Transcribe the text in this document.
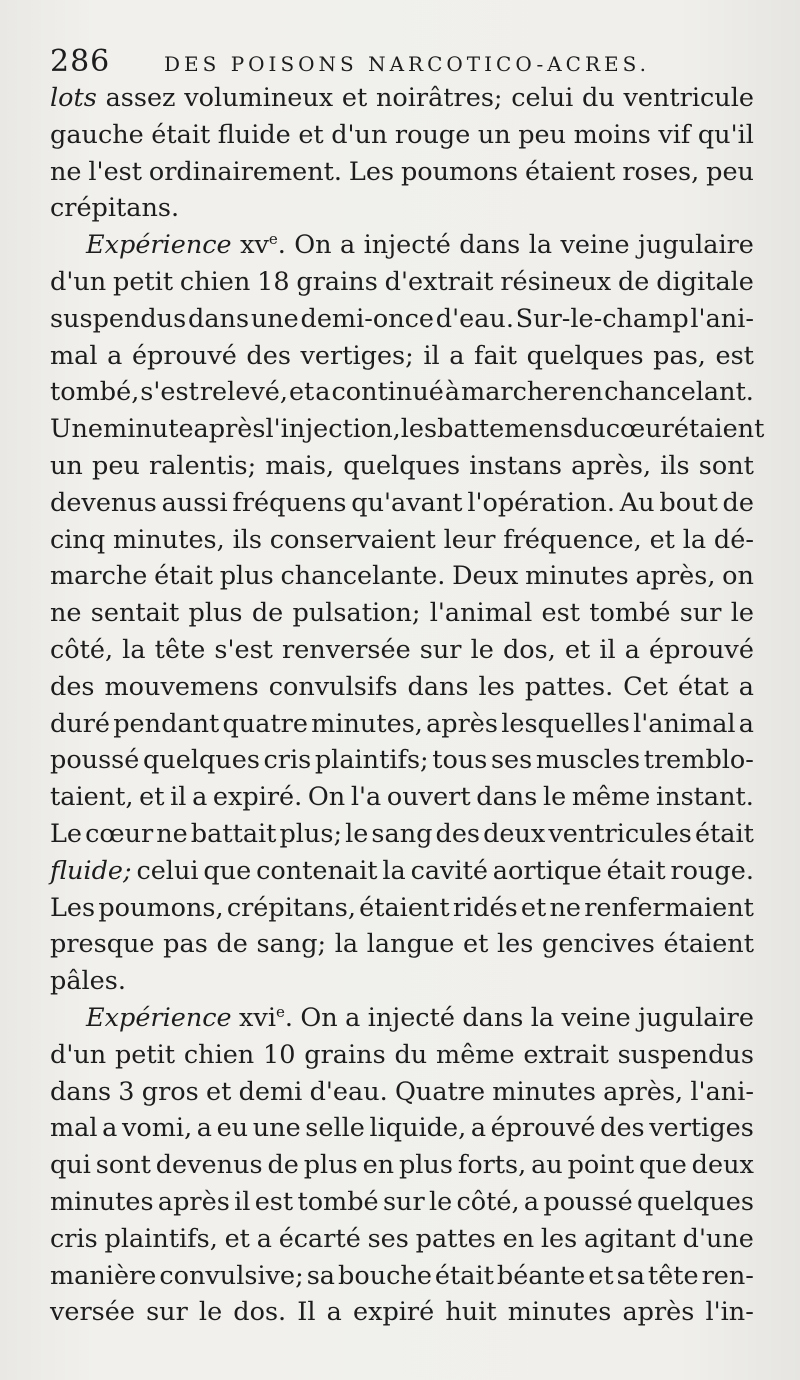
286	DES POISONS NARCOTICO-ACRES.
lots assez volumineux et noirâtres; celui du ventricule
gauche était fluide et d'un rouge un peu moins vif qu'il
ne l'est ordinairement. Les poumons étaient roses, peu
crépitans.
Expérience $xv^e$. On a injecté dans la veine jugulaire
d'un petit chien 18 grains d'extrait résineux de digitale
suspendus dans une demi-once d'eau. Sur-le-champ l'ani-
mal a éprouvé des vertiges; il a fait quelques pas, est
tombé, s'est relevé, et a continué à marcher en chancelant.
Une minute après l'injection, les battemens du cœur étaient
un peu ralentis; mais, quelques instans après, ils sont
devenus aussi fréquens qu'avant l'opération. Au bout de
cinq minutes, ils conservaient leur fréquence, et la dé-
marche était plus chancelante. Deux minutes après, on
ne sentait plus de pulsation; l'animal est tombé sur le
côté, la tête s'est renversée sur le dos, et il a éprouvé
des mouvemens convulsifs dans les pattes. Cet état a
duré pendant quatre minutes, après lesquelles l'animal a
poussé quelques cris plaintifs; tous ses muscles tremblo-
taient, et il a expiré. On l'a ouvert dans le même instant.
Le cœur ne battait plus; le sang des deux ventricules était
fluide; celui que contenait la cavité aortique était rouge.
Les poumons, crépitans, étaient ridés et ne renfermaient
presque pas de sang; la langue et les gencives étaient
pâles.
Expérience xvi$^e$. On a injecté dans la veine jugulaire
d'un petit chien 10 grains du même extrait suspendus
dans 3 gros et demi d'eau. Quatre minutes après, l'ani-
mal a vomi, a eu une selle liquide, a éprouvé des vertiges
qui sont devenus de plus en plus forts, au point que deux
minutes après il est tombé sur le côté, a poussé quelques
cris plaintifs, et a écarté ses pattes en les agitant d'une
manière convulsive; sa bouche était béante et sa tête ren-
versée sur le dos. Il a expiré huit minutes après l'in-
